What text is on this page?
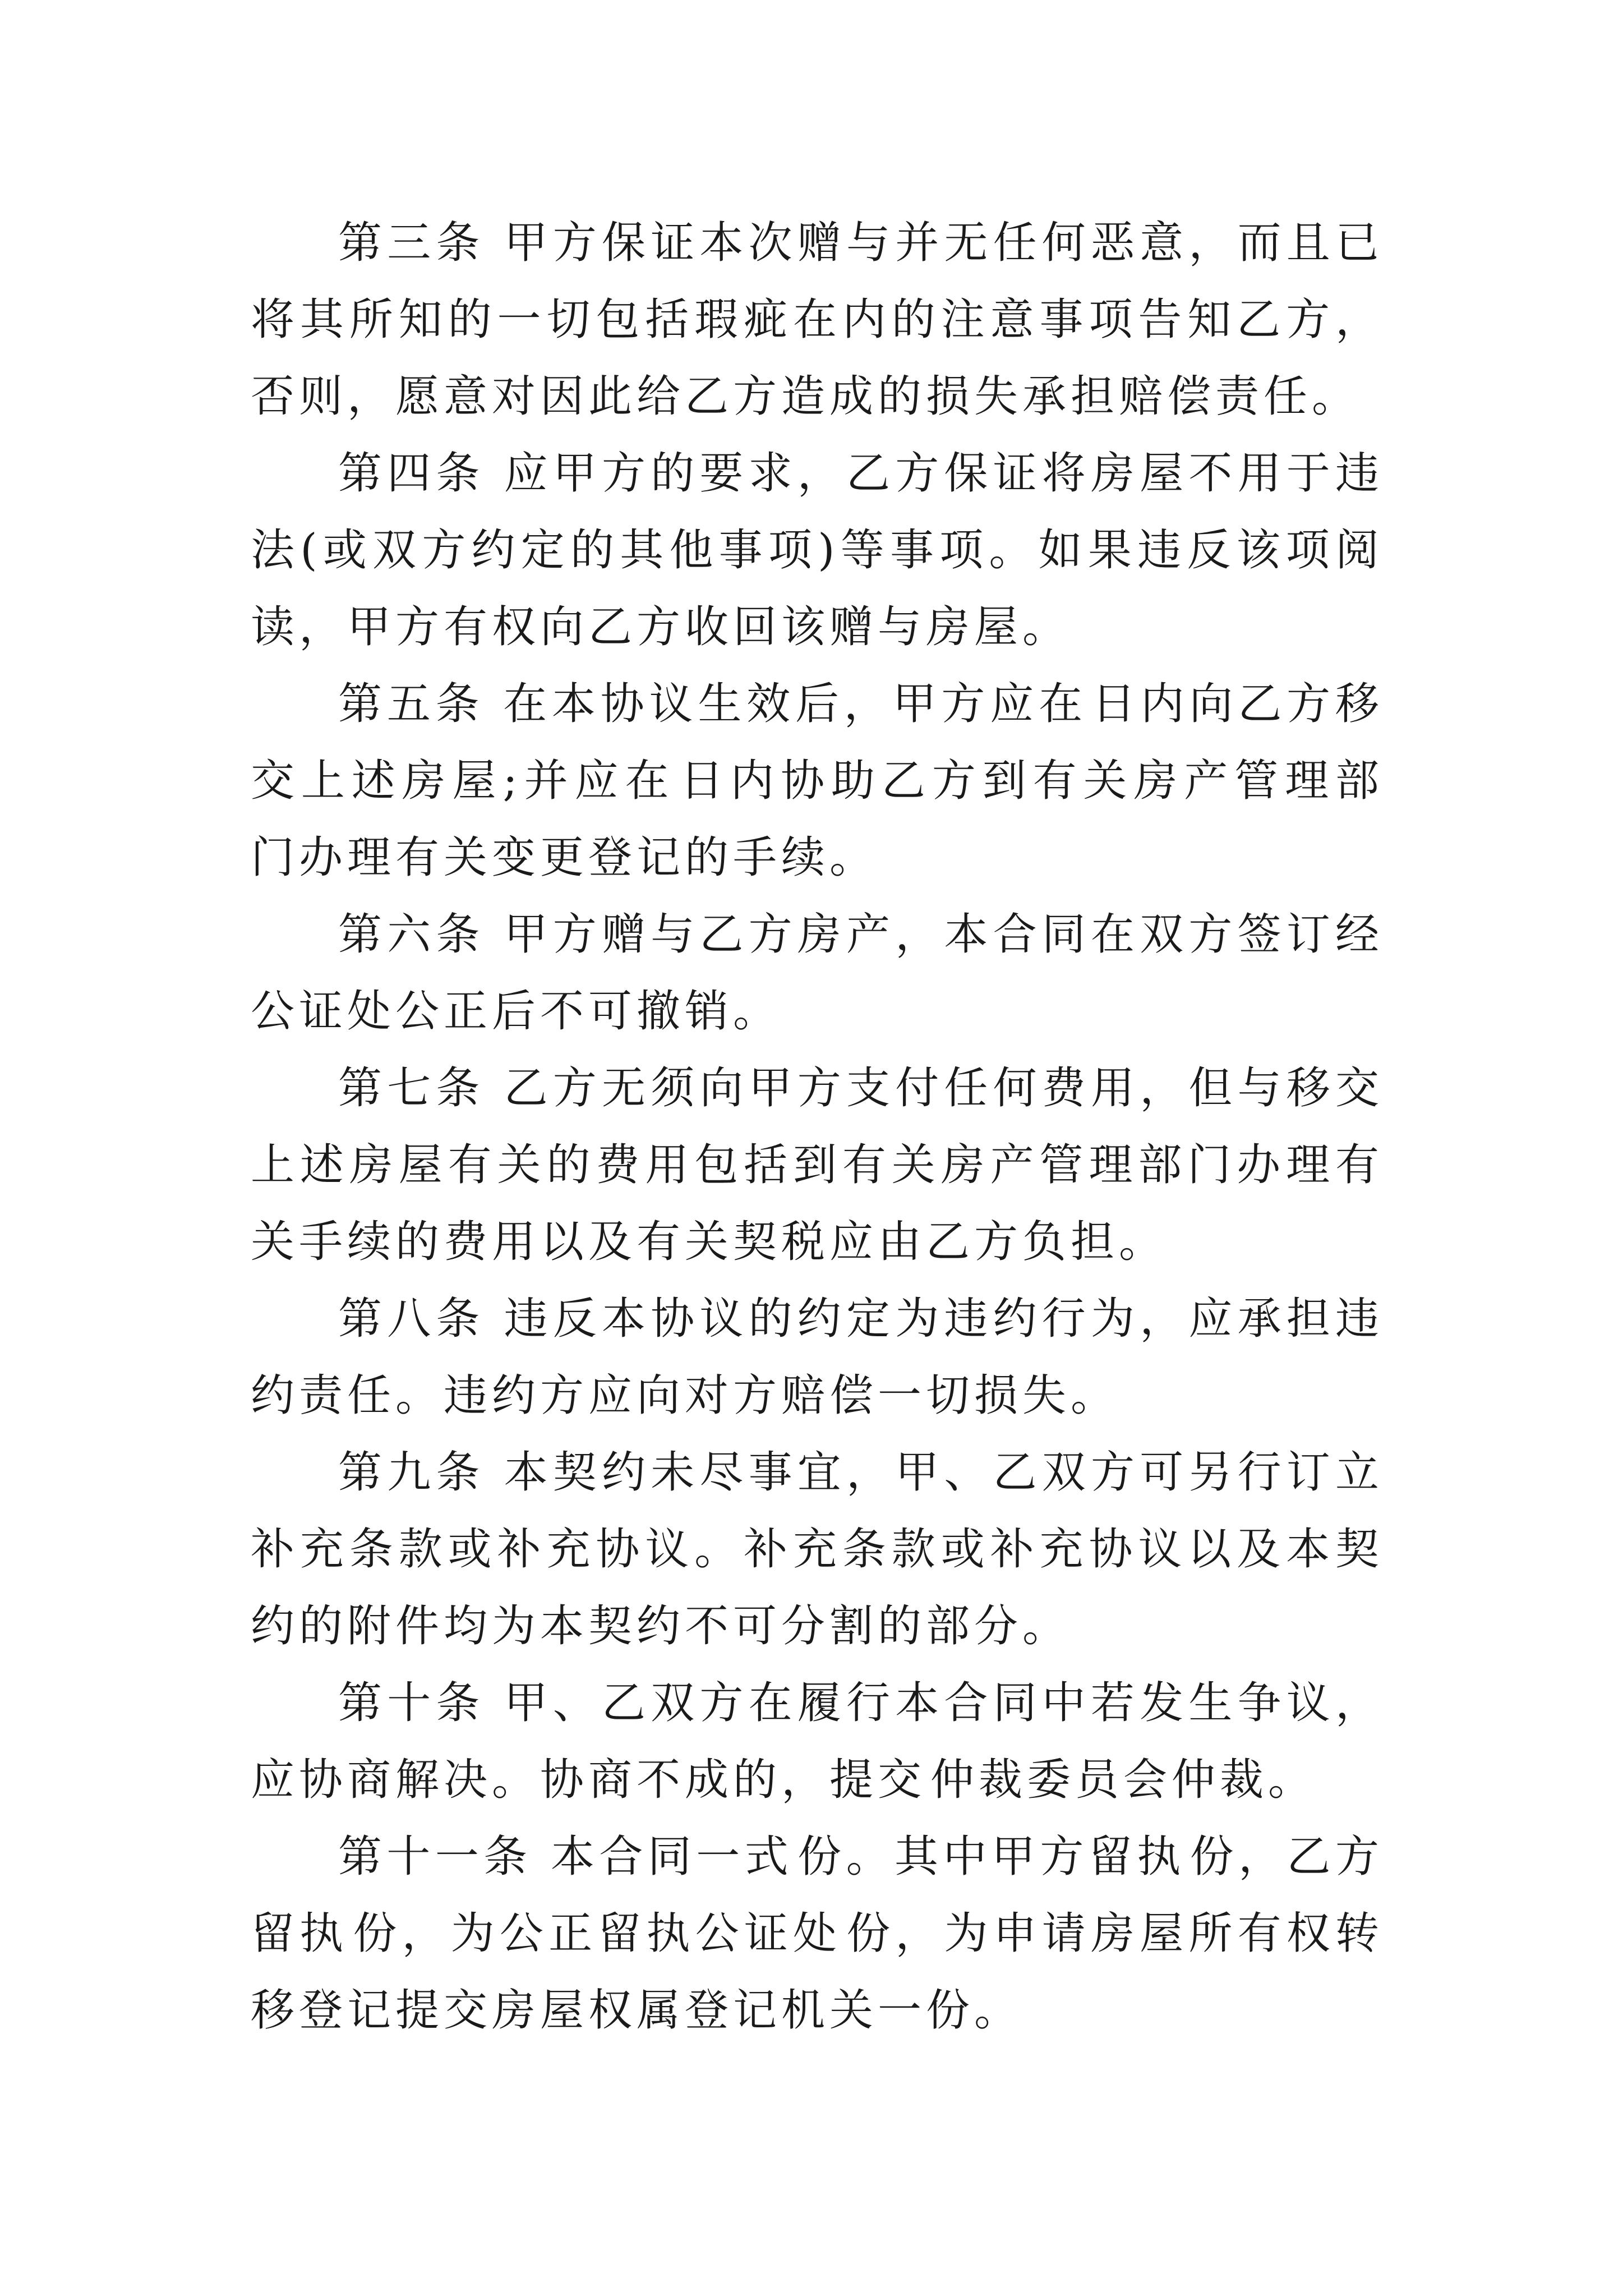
第三条 甲方保证本次赠与并无任何恶意，而且已将其所知的一切包括瑕疵在内的注意事项告知乙方，否则，愿意对因此给乙方造成的损失承担赔偿责任。

第四条 应甲方的要求，乙方保证将房屋不用于违法(或双方约定的其他事项)等事项。如果违反该项阅读，甲方有权向乙方收回该赠与房屋。

第五条 在本协议生效后，甲方应在 日内向乙方移交上述房屋;并应在 日内协助乙方到有关房产管理部门办理有关变更登记的手续。

第六条 甲方赠与乙方房产，本合同在双方签订经公证处公正后不可撤销。

第七条 乙方无须向甲方支付任何费用，但与移交上述房屋有关的费用包括到有关房产管理部门办理有关手续的费用以及有关契税应由乙方负担。

第八条 违反本协议的约定为违约行为，应承担违约责任。违约方应向对方赔偿一切损失。

第九条 本契约未尽事宜，甲、乙双方可另行订立补充条款或补充协议。补充条款或补充协议以及本契约的附件均为本契约不可分割的部分。

第十条 甲、乙双方在履行本合同中若发生争议，应协商解决。协商不成的，提交 仲裁委员会仲裁。

第十一条 本合同一式 份。其中甲方留执 份，乙方留执 份，为公正留执公证处 份，为申请房屋所有权转移登记提交房屋权属登记机关一份。
